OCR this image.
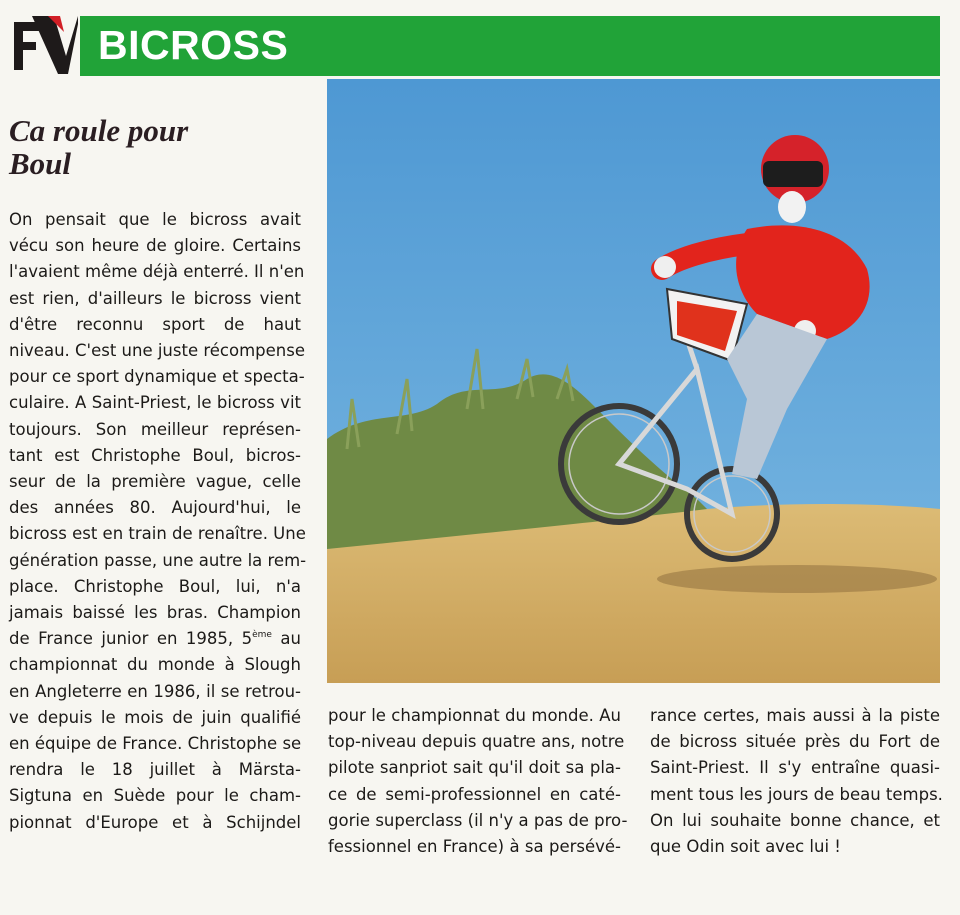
BICROSS
Ca roule pour
Boul
On pensait que le bicross avait
vécu son heure de gloire. Certains
l'avaient même déjà enterré. Il n'en
est rien, d'ailleurs le bicross vient
d'être reconnu sport de haut
niveau. C'est une juste récompense
pour ce sport dynamique et specta-
culaire. A Saint-Priest, le bicross vit
toujours. Son meilleur représen-
tant est Christophe Boul, bicros-
seur de la première vague, celle
des années 80. Aujourd'hui, le
bicross est en train de renaître. Une
génération passe, une autre la rem-
place. Christophe Boul, lui, n'a
jamais baissé les bras. Champion
de France junior en 1985, 5ème au
championnat du monde à Slough
en Angleterre en 1986, il se retrou-
ve depuis le mois de juin qualifié
en équipe de France. Christophe se
rendra le 18 juillet à Märsta-
Sigtuna en Suède pour le cham-
pionnat d'Europe et à Schijndel
pour le championnat du monde. Au
top-niveau depuis quatre ans, notre
pilote sanpriot sait qu'il doit sa pla-
ce de semi-professionnel en caté-
gorie superclass (il n'y a pas de pro-
fessionnel en France) à sa persévé-
rance certes, mais aussi à la piste
de bicross située près du Fort de
Saint-Priest. Il s'y entraîne quasi-
ment tous les jours de beau temps.
On lui souhaite bonne chance, et
que Odin soit avec lui !
